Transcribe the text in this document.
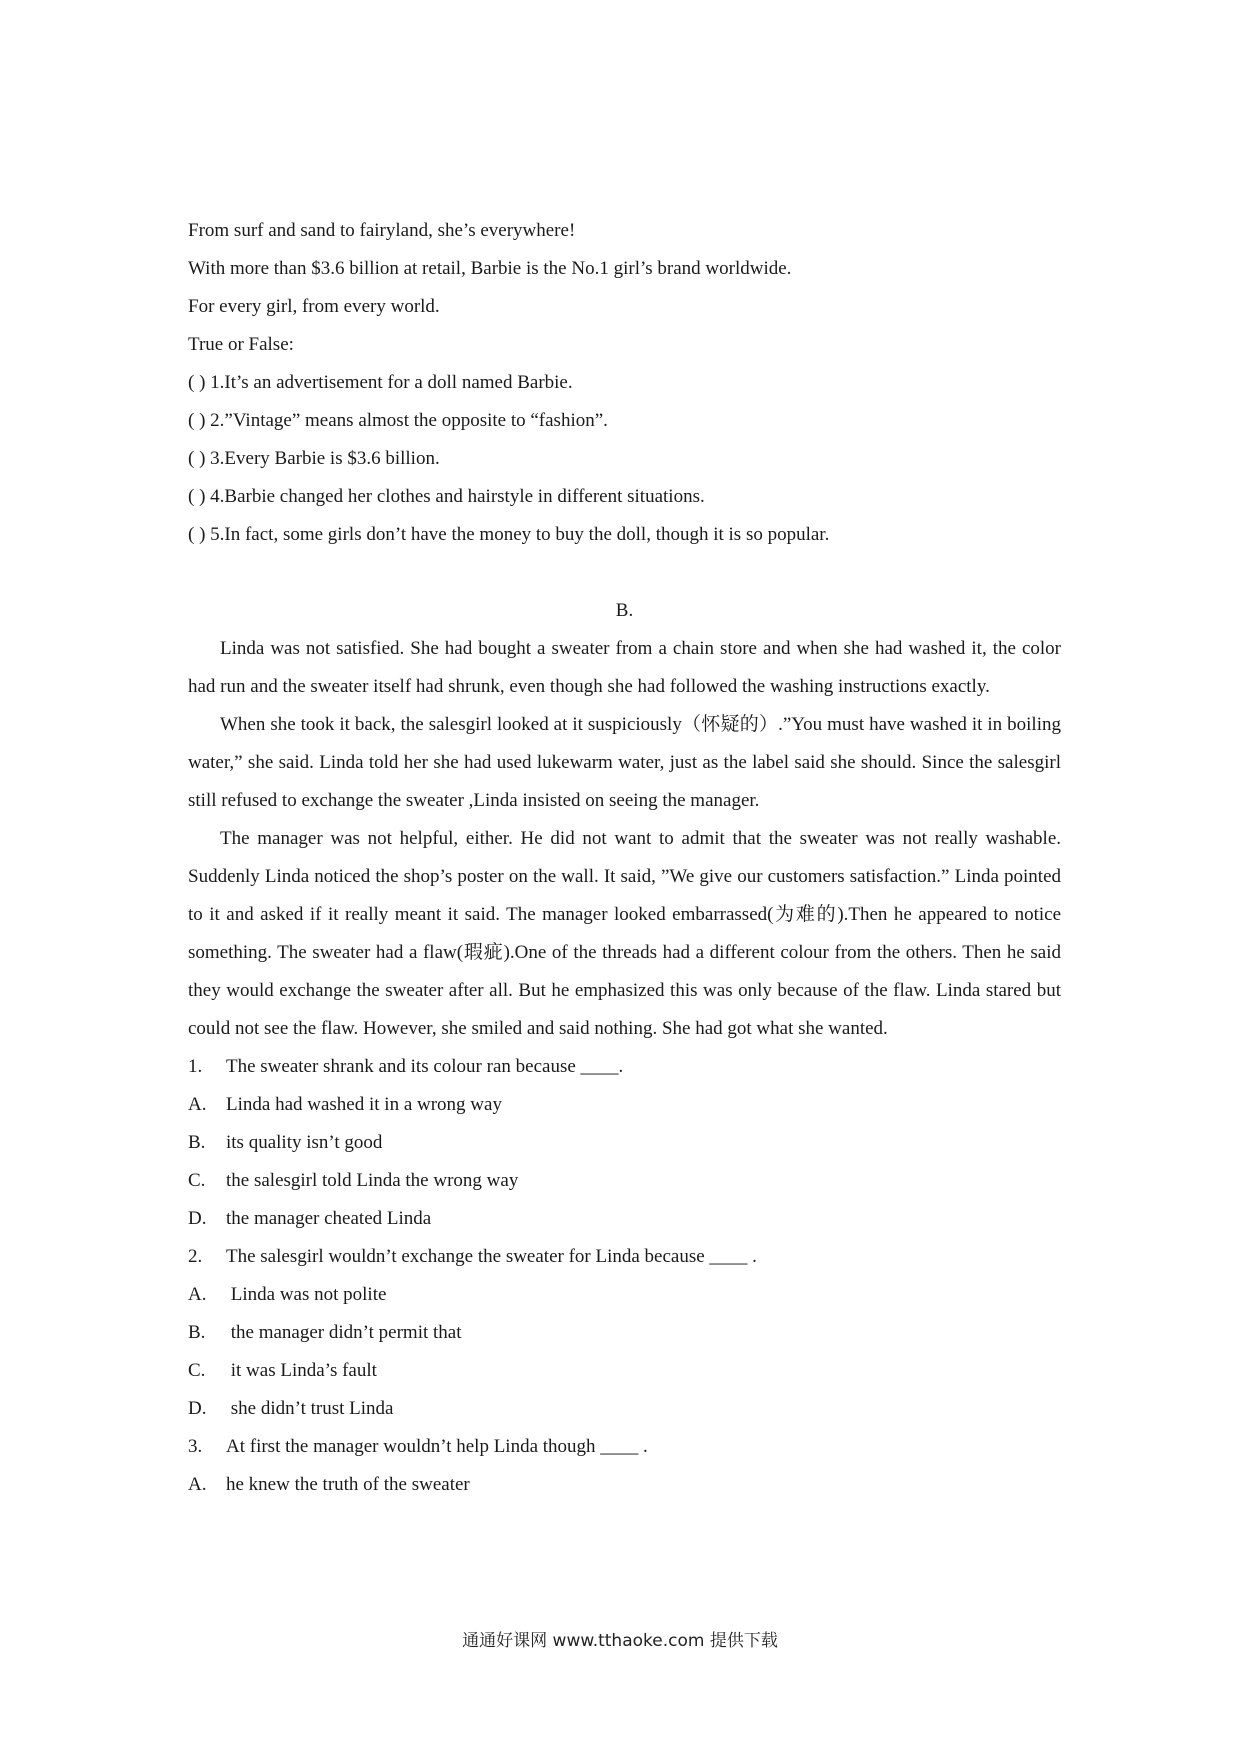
From surf and sand to fairyland, she’s everywhere!
With more than $3.6 billion at retail, Barbie is the No.1 girl’s brand worldwide.
For every girl, from every world.
True or False:
( ) 1.It’s an advertisement for a doll named Barbie.
( ) 2.”Vintage” means almost the opposite to “fashion”.
( ) 3.Every Barbie is $3.6 billion.
( ) 4.Barbie changed her clothes and hairstyle in different situations.
( ) 5.In fact, some girls don’t have the money to buy the doll, though it is so popular.
B.

Linda was not satisfied. She had bought a sweater from a chain store and when she had washed it, the color had run and the sweater itself had shrunk, even though she had followed the washing instructions exactly.

When she took it back, the salesgirl looked at it suspiciously（怀疑的）.”You must have washed it in boiling water,” she said. Linda told her she had used lukewarm water, just as the label said she should. Since the salesgirl still refused to exchange the sweater ,Linda insisted on seeing the manager.

The manager was not helpful, either. He did not want to admit that the sweater was not really washable. Suddenly Linda noticed the shop’s poster on the wall. It said, ”We give our customers satisfaction.” Linda pointed to it and asked if it really meant it said. The manager looked embarrassed(为难的).Then he appeared to notice something. The sweater had a flaw(瑕疵).One of the threads had a different colour from the others. Then he said they would exchange the sweater after all. But he emphasized this was only because of the flaw. Linda stared but could not see the flaw. However, she smiled and said nothing. She had got what she wanted.

1.	The sweater shrank and its colour ran because ____.
A.	Linda had washed it in a wrong way
B.	its quality isn’t good
C.	the salesgirl told Linda the wrong way
D.	the manager cheated Linda
2.	The salesgirl wouldn’t exchange the sweater for Linda because ____ .
A.	Linda was not polite
B.	the manager didn’t permit that
C.	it was Linda’s fault
D.	she didn’t trust Linda
3.	At first the manager wouldn’t help Linda though ____ .
A.	he knew the truth of the sweater
通通好课网 www.tthaoke.com 提供下载
